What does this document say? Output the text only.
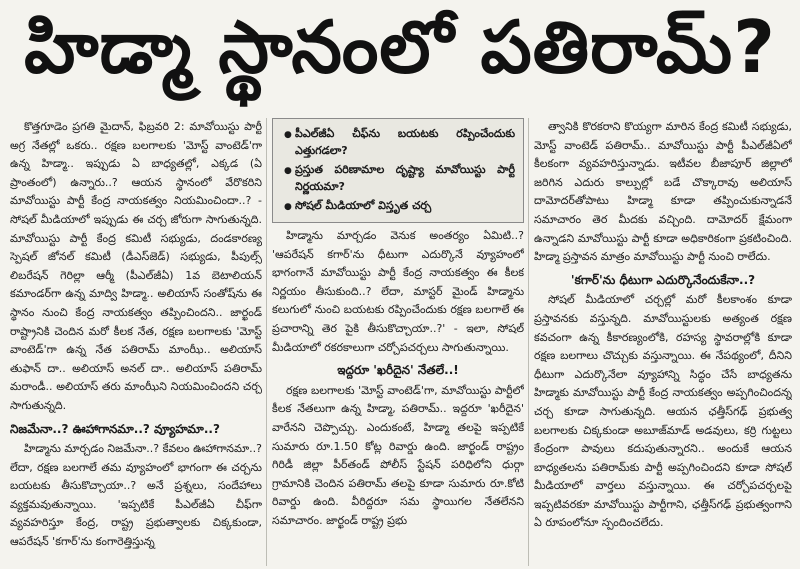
హిడ్మా స్థానంలో పతిరామ్?

కొత్తగూడెం ప్రగతి మైదాన్, ఫిబ్రవరి 2: మావోయిస్టు పార్టీ అగ్ర నేతల్లో ఒకరు.. రక్షణ బలగాలకు 'మోస్ట్ వాంటెడ్'గా ఉన్న హిడ్మా.. ఇప్పుడు ఏ బాధ్యతల్లో, ఎక్కడ (ఏ ప్రాంతంలో) ఉన్నారు..? ఆయన స్థానంలో వేరొకరిని మావోయిస్టు పార్టీ కేంద్ర నాయకత్వం నియమించిందా..? - సోషల్ మీడియాలో ఇప్పుడు ఈ చర్చ జోరుగా సాగుతున్నది. మావోయిస్టు పార్టీ కేంద్ర కమిటీ సభ్యుడు, దండకారణ్య స్పెషల్ జోనల్ కమిటీ (డీఎస్‌జెడ్) సభ్యుడు, పీపుల్స్ లిబరేషన్ గెరిల్లా ఆర్మీ (పీఎల్‌జీఏ) 1వ బెటాలియన్ కమాండర్‌గా ఉన్న మాద్వి హిడ్మా.. అలియాస్ సంతోష్‌ను ఈ స్థానం నుంచి కేంద్ర నాయకత్వం తప్పించిందని.. జార్ఖండ్ రాష్ట్రానికి చెందిన మరో కీలక నేత, రక్షణ బలగాలకు 'మోస్ట్ వాంటెడ్'గా ఉన్న నేత పతిరామ్ మాంఝీ.. అలియాస్ తుఫాన్ దా.. అలియాస్ అనల్ దా.. అలియాస్ పతిరామ్ మరాండీ.. అలియాస్ తరు మాంఝీని నియమించిందని చర్చ సాగుతున్నది.

నిజమేనా..? ఊహాగానమా..? వ్యూహమా..?

హిడ్మాను మార్చడం నిజమేనా..? కేవలం ఊహాగానమా..? లేదా, రక్షణ బలగాలే తమ వ్యూహంలో భాగంగా ఈ చర్చను బయటకు తీసుకొచ్చాయా..? అనే ప్రశ్నలు, సందేహాలు వ్యక్తమవుతున్నాయి. 'ఇప్పటికే పీఎల్‌జీఏ చీఫ్‌గా వ్యవహరిస్తూ కేంద్ర, రాష్ట్ర ప్రభుత్వాలకు చిక్కకుండా, ఆపరేషన్ 'కగార్'ను కంగారెత్తిస్తున్న

• పీఎల్‌జీఏ చీఫ్‌ను బయటకు రప్పించేందుకు ఎత్తుగడలా?
• ప్రస్తుత పరిణామాల దృష్ట్యా మావోయిస్టు పార్టీ నిర్ణయమా?
• సోషల్ మీడియాలో విస్తృత చర్చ

హిడ్మాను మార్చడం వెనుక అంతర్యం ఏమిటి..? 'ఆపరేషన్ కగార్'ను ధీటుగా ఎదుర్కొనే వ్యూహంలో భాగంగానే మావోయిస్టు పార్టీ కేంద్ర నాయకత్వం ఈ కీలక నిర్ణయం తీసుకుంది..? లేదా, మాస్టర్ మైండ్ హిడ్మాను కలుగులో నుంచి బయటకు రప్పించేందుకు రక్షణ బలగాలే ఈ ప్రచారాన్ని తెర పైకి తీసుకొచ్చాయా..?' - ఇలా, సోషల్ మీడియాలో రకరకాలుగా చర్చోపచర్చలు సాగుతున్నాయి.

ఇద్దరూ 'ఖరీదైన' నేతలే..!

రక్షణ బలగాలకు 'మోస్ట్ వాంటెడ్'గా, మావోయిస్టు పార్టీలో కీలక నేతలుగా ఉన్న హిడ్మా, పతిరామ్.. ఇద్దరూ 'ఖరీదైన' వారేనని చెప్పొచ్చు. ఎందుకంటే, హిడ్మా తలపై ఇప్పటికే సుమారు రూ.1.50 కోట్ల రివార్డు ఉంది. జార్ఖండ్ రాష్ట్రం గిరిడీ జిల్లా పీర్‌తండ్ పోలీస్ స్టేషన్ పరిధిలోని ధుర్గా గ్రామానికి చెందిన పతిరామ్ తలపై కూడా సుమారు రూ.కోటి రివార్డు ఉంది. వీరిద్దరూ సమ స్థాయిగల నేతలేనని సమాచారం. జార్ఖండ్ రాష్ట్ర ప్రభు

త్వానికి కొరకరాని కొయ్యగా మారిన కేంద్ర కమిటీ సభ్యుడు, మోస్ట్ వాంటెడ్ పతిరామ్.. మావోయిస్టు పార్టీ పీఎల్‌జీఏలో కీలకంగా వ్యవహరిస్తున్నాడు. ఇటీవల బీజాపూర్ జిల్లాలో జరిగిన ఎదురు కాల్పుల్లో బడే చొక్కారావు అలియాస్ దామోదర్‌తోపాటు హిడ్మా కూడా తప్పించుకున్నాడనే సమాచారం తెర మీదకు వచ్చింది. దామోదర్ క్షేమంగా ఉన్నాడని మావోయిస్టు పార్టీ కూడా అధికారికంగా ప్రకటించింది. హిడ్మా ప్రస్తావన మాత్రం మావోయిస్టు పార్టీ నుంచి రాలేదు.

'కగార్'ను ధీటుగా ఎదుర్కొనేందుకేనా..?

సోషల్ మీడియాలో చర్చల్లో మరో కీలకాంశం కూడా ప్రస్తావనకు వస్తున్నది. మావోయిస్టులకు అత్యంత రక్షణ కవచంగా ఉన్న కీకారణ్యంలోకి, రహస్య స్థావరాల్లోకి కూడా రక్షణ బలగాలు చొచ్చుకు వస్తున్నాయి. ఈ నేపథ్యంలో, దీనిని ధీటుగా ఎదుర్కొనేలా వ్యూహాన్ని సిద్ధం చేసే బాధ్యతను హిడ్మాకు మావోయిస్టు పార్టీ కేంద్ర నాయకత్వం అప్పగించిందన్న చర్చ కూడా సాగుతున్నది. ఆయన ఛత్తీస్‌గఢ్ ప్రభుత్వ బలగాలకు చిక్కకుండా అబూజ్‌మాడ్ అడవులు, కర్రి గుట్టలు కేంద్రంగా పావులు కదుపుతున్నారని.. అందుకే ఆయన బాధ్యతలను పతిరామ్‌కు పార్టీ అప్పగించిందని కూడా సోషల్ మీడియాలో వార్తలు వస్తున్నాయి. ఈ చర్చోపచర్చలపై ఇప్పటివరకూ మావోయిస్టు పార్టీగాని, ఛత్తీస్‌గఢ్ ప్రభుత్వంగాని ఏ రూపంలోనూ స్పందించలేదు.
